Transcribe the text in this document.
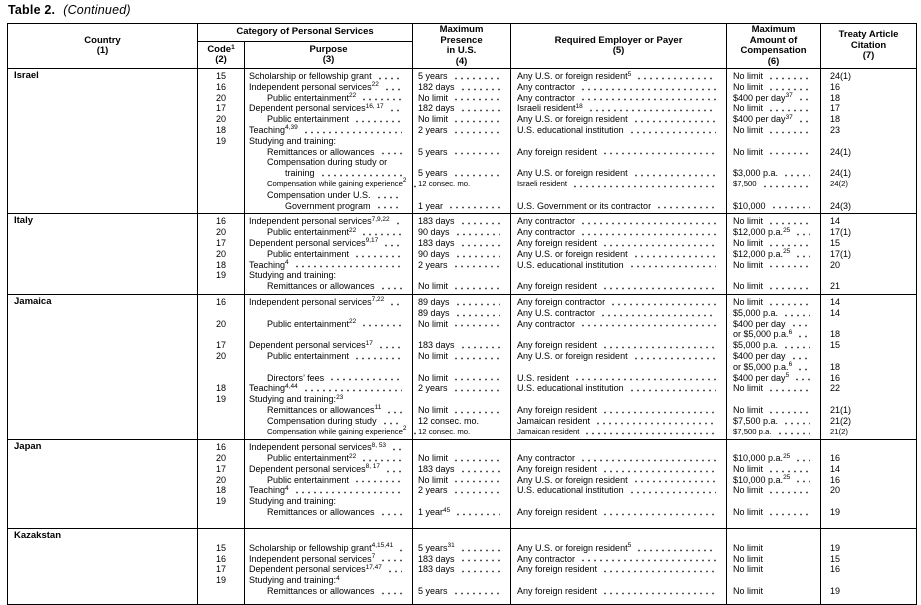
Table 2. (Continued)
Country
(1)
	Category of Personal Services	Maximum
Presence
in U.S.
(4)

Required Employer or Payer
(5)

Maximum
Amount of
Compensation
(6)

Treaty Article
Citation
(7)

Code$^1$
(2)

Purpose
(3)

Israel	15	Scholarship or fellowship grant	5 years	Any U.S. or foreign resident$^5$	No limit	24(1)
	16	Independent personal services$^{22}$	182 days	Any contractor	No limit	16
	20	Public entertainment$^{22}$	No limit	Any contractor	$400 per day$^{37}$	18
	17	Dependent personal services$^{16, 17}$	182 days	Israeli resident$^{18}$	No limit	17
	20	Public entertainment	No limit	Any U.S. or foreign resident	$400 per day$^{37}$	18
	18	Teaching$^{4,39}$	2 years	U.S. educational institution	No limit	23
	19	Studying and training:				

		Remittances or allowances	5 years	Any foreign resident	No limit	24(1)

		Compensation during study or				

		training	5 years	Any U.S. or foreign resident	$3,000 p.a.	24(1)

		Compensation while gaining experience$^2$	12 consec. mo.	Israeli resident	$7,500	24(2)

		Compensation under U.S.				

		Government program	1 year	U.S. Government or its contractor	$10,000	24(3)
Italy	16	Independent personal services$^{7,9,22}$	183 days	Any contractor	No limit	14
	20	Public entertainment$^{22}$	90 days	Any contractor	$12,000 p.a.$^{25}$	17(1)
	17	Dependent personal services$^{9,17}$	183 days	Any foreign resident	No limit	15
	20	Public entertainment	90 days	Any U.S. or foreign resident	$12,000 p.a.$^{25}$	17(1)
	18	Teaching$^4$	2 years	U.S. educational institution	No limit	20
	19	Studying and training:				

		Remittances or allowances	No limit	Any foreign resident	No limit	21
Jamaica	16	Independent personal services$^{7,22}$	89 days	Any foreign contractor	No limit	14

			89 days	Any U.S. contractor	$5,000 p.a.	14
	20	Public entertainment$^{22}$	No limit	Any contractor	$400 per day	

					or $5,000 p.a.$^6$	18
	17	Dependent personal services$^{17}$	183 days	Any foreign resident	$5,000 p.a.	15
	20	Public entertainment	No limit	Any U.S. or foreign resident	$400 per day	

					or $5,000 p.a.$^6$	18

		Directors’ fees	No limit	U.S. resident	$400 per day$^5$	16
	18	Teaching$^{4,44}$	2 years	U.S. educational institution	No limit	22
	19	Studying and training:$^{23}$

		Remittances or allowances$^{11}$	No limit	Any foreign resident	No limit	21(1)

		Compensation during study	12 consec. mo.	Jamaican resident	$7,500 p.a.	21(2)

		Compensation while gaining experience$^2$	12 consec. mo.	Jamaican resident	$7,500 p.a.	21(2)
Japan	16	Independent personal services$^{8, 53}$

	20	Public entertainment$^{22}$	No limit	Any contractor	$10,000 p.a.$^{25}$	16
	17	Dependent personal services$^{8, 17}$	183 days	Any foreign resident	No limit	14
	20	Public entertainment	No limit	Any U.S. or foreign resident	$10,000 p.a.$^{25}$	16
	18	Teaching$^4$	2 years	U.S. educational institution	No limit	20
	19	Studying and training:				

		Remittances or allowances	1 year$^{45}$	Any foreign resident	No limit	19
Kazakstan						
	15	Scholarship or fellowship grant$^{4,15,41}$	5 years$^{31}$	Any U.S. or foreign resident$^5$	No limit	19
	16	Independent personal services$^7$	183 days	Any contractor	No limit	15
	17	Dependent personal services$^{17,47}$	183 days	Any foreign resident	No limit	16
	19	Studying and training:$^4$

		Remittances or allowances	5 years	Any foreign resident	No limit	19
